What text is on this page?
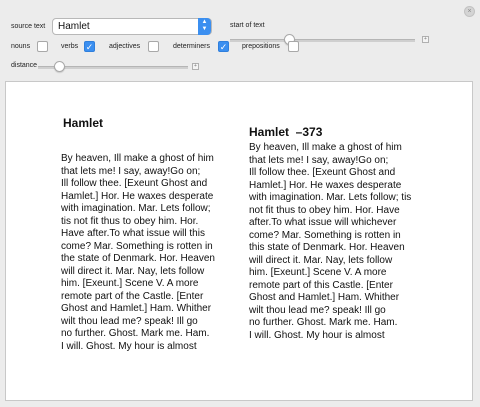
×
source text Hamlet	▲
▼	start of text
+
nouns	verbs ✓ adjectives	determiners ✓ prepositions
distance	+
Hamlet
By heaven, Ill make a ghost of him
that lets me! I say, away!Go on;
Ill follow thee. [Exeunt Ghost and
Hamlet.] Hor. He waxes desperate
with imagination. Mar. Lets follow;
tis not fit thus to obey him. Hor.
Have after.To what issue will this
come? Mar. Something is rotten in
the state of Denmark. Hor. Heaven
will direct it. Mar. Nay, lets follow
him. [Exeunt.] Scene V. A more
remote part of the Castle. [Enter
Ghost and Hamlet.] Ham. Whither
wilt thou lead me? speak! Ill go
no further. Ghost. Mark me. Ham.
I will. Ghost. My hour is almost
Hamlet  –373
By heaven, Ill make a ghost of him
that lets me! I say, away!Go on;
Ill follow thee. [Exeunt Ghost and
Hamlet.] Hor. He waxes desperate
with imagination. Mar. Lets follow; tis
not fit thus to obey him. Hor. Have
after.To what issue will whichever
come? Mar. Something is rotten in
this state of Denmark. Hor. Heaven
will direct it. Mar. Nay, lets follow
him. [Exeunt.] Scene V. A more
remote part of this Castle. [Enter
Ghost and Hamlet.] Ham. Whither
wilt thou lead me? speak! Ill go
no further. Ghost. Mark me. Ham.
I will. Ghost. My hour is almost
